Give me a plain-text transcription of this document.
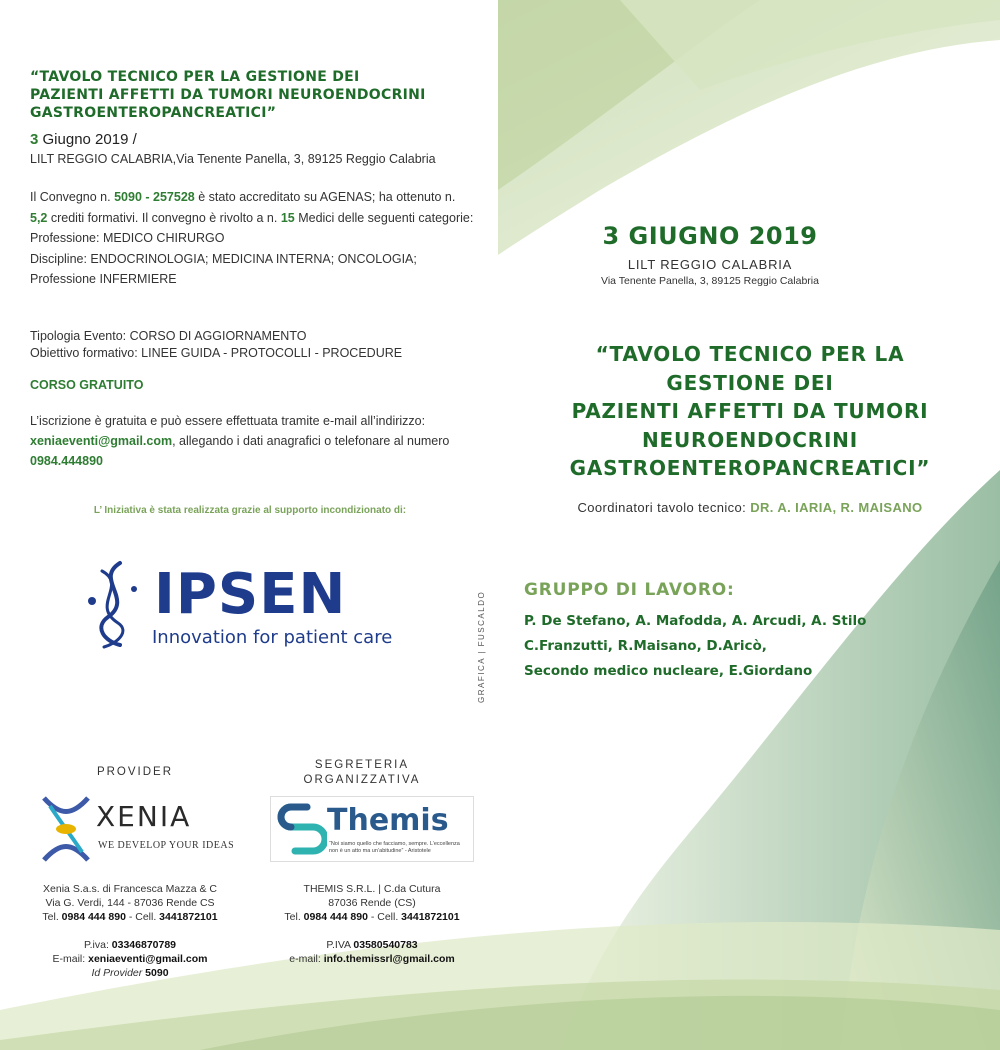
“TAVOLO TECNICO PER LA GESTIONE DEI
PAZIENTI AFFETTI DA TUMORI NEUROENDOCRINI
GASTROENTEROPANCREATICI”
3 Giugno 2019 /
LILT REGGIO CALABRIA,Via Tenente Panella, 3, 89125 Reggio Calabria
Il Convegno n. 5090 - 257528 è stato accreditato su AGENAS; ha ottenuto n. 5,2 crediti formativi. Il convegno è rivolto a n. 15 Medici delle seguenti categorie:
Professione: MEDICO CHIRURGO
Discipline: ENDOCRINOLOGIA; MEDICINA INTERNA; ONCOLOGIA;
Professione INFERMIERE
Tipologia Evento: CORSO DI AGGIORNAMENTO
Obiettivo formativo: LINEE GUIDA - PROTOCOLLI - PROCEDURE
CORSO GRATUITO
L’iscrizione è gratuita e può essere effettuata tramite e-mail all’indirizzo: xeniaeventi@gmail.com, allegando i dati anagrafici o telefonare al numero 0984.444890
L’ Iniziativa è stata realizzata grazie al supporto incondizionato di:
IPSEN
Innovation for patient care	GRAFICA | FUSCALDO
PROVIDER
SEGRETERIA
ORGANIZZATIVA
XENIA
WE DEVELOP YOUR IDEAS
Themis
“Noi siamo quello che facciamo, sempre. L’eccellenza non è un atto ma un’abitudine” - Aristotele
Xenia S.a.s. di Francesca Mazza & C
Via G. Verdi, 144 - 87036 Rende CS
Tel. 0984 444 890 - Cell. 3441872101
P.iva: 03346870789
E-mail: xeniaeventi@gmail.com
Id Provider 5090
THEMIS S.R.L. | C.da Cutura
87036 Rende (CS)
Tel. 0984 444 890 - Cell. 3441872101
P.IVA 03580540783
e-mail: info.themissrl@gmail.com
3 GIUGNO 2019
LILT REGGIO CALABRIA
Via Tenente Panella, 3, 89125 Reggio Calabria
“TAVOLO TECNICO PER LA
GESTIONE DEI
PAZIENTI AFFETTI DA TUMORI
NEUROENDOCRINI
GASTROENTEROPANCREATICI”
Coordinatori tavolo tecnico: DR. A. IARIA, R. MAISANO
GRUPPO DI LAVORO:
P. De Stefano, A. Mafodda, A. Arcudi, A. Stilo
C.Franzutti, R.Maisano, D.Aricò,
Secondo medico nucleare, E.Giordano
